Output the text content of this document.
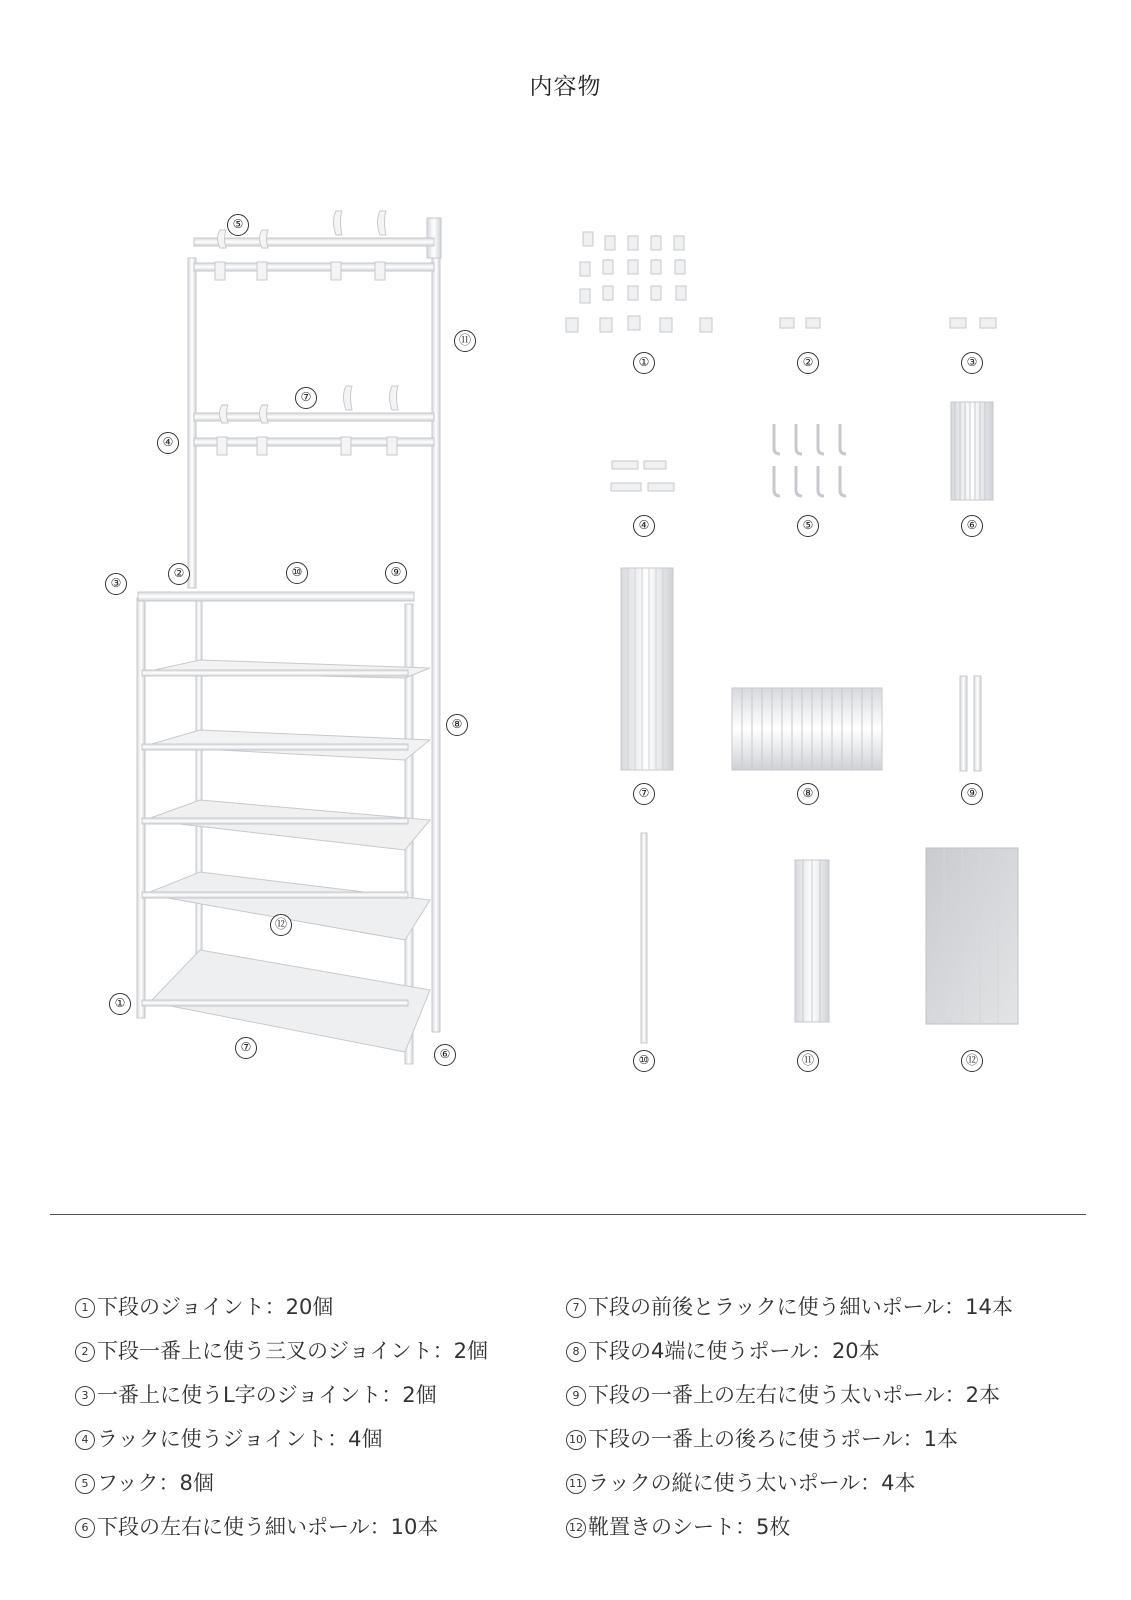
内容物
⑤
⑪
⑦
④
③
②	⑩	⑨
⑧
⑫
①
⑦	⑥
①	②	③
④	⑤	⑥
⑦	⑧	⑨
⑩	⑪	⑫
1 下段のジョイント：20個
2 下段一番上に使う三叉のジョイント：2個
3 一番上に使うL字のジョイント：2個
4 ラックに使うジョイント：4個
5 フック：8個
6 下段の左右に使う細いポール：10本
7 下段の前後とラックに使う細いポール：14本
8 下段の4端に使うポール：20本
9 下段の一番上の左右に使う太いポール：2本
10 下段の一番上の後ろに使うポール：1本
11 ラックの縦に使う太いポール：4本
12 靴置きのシート：5枚
